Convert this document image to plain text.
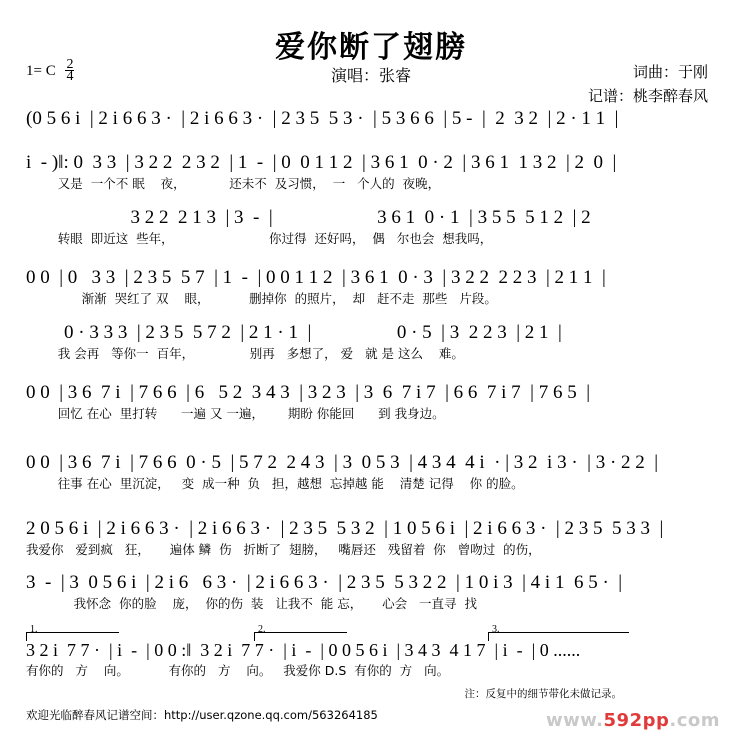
爱你断了翅膀
1= C $\frac{2}{4}$	演唱：张睿	词曲：于刚
记谱：桃李醉春风
(0 5 6 i  | 2 i 6 6 3 ·  | 2 i 6 6 3 ·  | 2 3 5  5 3 ·  | 5 3 6 6  | 5 -  |  2  3 2  | 2 · 1 1  |
i  - )‖: 0  3 3  | 3 2 2  2 3 2  | 1  -  | 0  0 1 1 2  | 3 6 1  0 · 2  | 3 6 1  1 3 2  | 2  0  |
又是  一个不 眠    夜，           还未不  及习惯，  一   个人的  夜晚，
3 2 2  2 1 3  | 3  -  |                      3 6 1  0 · 1  | 3 5 5  5 1 2  | 2
转眼  即近这  些年，                        你过得  还好吗，  偶   尔也会  想我吗，
0 0  | 0   3 3  | 2 3 5  5 7  | 1  -  | 0 0 1 1 2  | 3 6 1  0 · 3  | 3 2 2  2 2 3  | 2 1 1  |
渐渐  哭红了 双    眼，          删掉你  的照片，  却   赶不走  那些   片段。
0 · 3 3 3  | 2 3 5  5 7 2  | 2 1 · 1  |                  0 · 5  | 3  2 2 3  | 2 1  |
我 会再   等你一  百年，              别再   多想了， 爱   就 是 这么    难。
0 0  | 3 6  7 i  | 7 6 6  | 6   5 2  3 4 3  | 3 2 3  | 3  6  7 i 7  | 6 6  7 i 7  | 7 6 5  |
回忆 在心  里打转      一遍 又 一遍，      期盼 你能回      到 我身边。
0 0  | 3 6  7 i  | 7 6 6  0 · 5  | 5 7 2  2 4 3  | 3  0 5 3  | 4 3 4  4 i  · | 3 2  i 3 ·  | 3 · 2 2  |
往事 在心  里沉淀，   变  成一种  负   担，越想  忘掉越 能    清楚 记得    你 的脸。
2 0 5 6 i  | 2 i 6 6 3 ·  | 2 i 6 6 3 ·  | 2 3 5  5 3 2  | 1 0 5 6 i  | 2 i 6 6 3 ·  | 2 3 5  5 3 3  |
我爱你   爱到疯   狂，     遍体 鳞  伤   折断了  翅膀，   嘴唇还   残留着  你   曾吻过  的伤，
3  -  | 3  0 5 6 i  | 2 i 6   6 3 ·  | 2 i 6 6 3 ·  | 2 3 5  5 3 2 2  | 1 0 i 3  | 4 i 1  6 5 ·  |
我怀念  你的脸    庞，  你的伤  装   让我不  能 忘，     心会   一直寻  找
3 2 i  7 7 ·  | i  -  | 0 0 :‖  3 2 i  7 7 ·  | i  -  | 0 0 5 6 i  | 3 4 3  4 1 7  | i  -  | 0 ......
有你的   方    向。          有你的   方    向。   我爱你 D.S  有你的  方   向。
1.	2.	3.
注：反复中的细节带化未做记录。
欢迎光临醉春风记谱空间：http://user.qzone.qq.com/563264185	www.592pp.com
